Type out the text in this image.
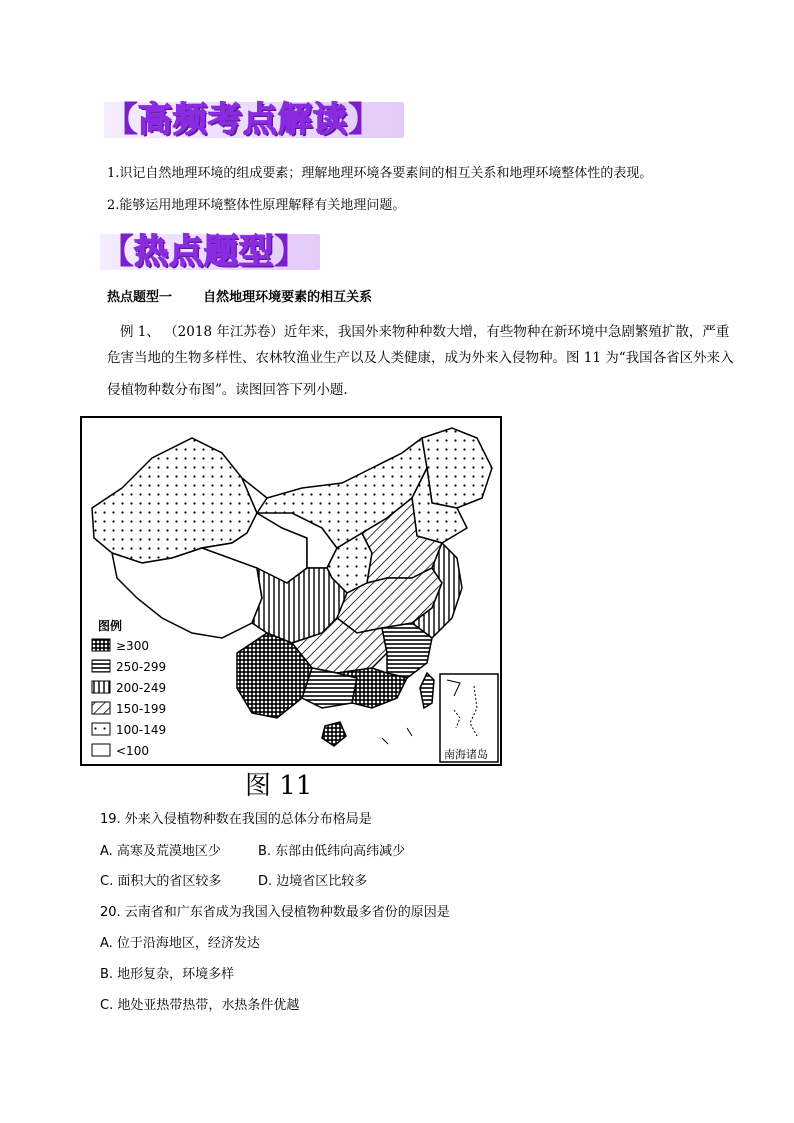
【 高频考点解读 】
1.识记自然地理环境的组成要素；理解地理环境各要素间的相互关系和地理环境整体性的表现。
2.能够运用地理环境整体性原理解释有关地理问题。
【 热点题型 】
热点题型一 自然地理环境要素的相互关系
例 1、 （2018 年江苏卷）近年来，我国外来物种种数大增，有些物种在新环境中急剧繁殖扩散，严重
危害当地的生物多样性、农林牧渔业生产以及人类健康，成为外来入侵物种。图 11 为“我国各省区外来入
侵植物种数分布图”。读图回答下列小题.
南海诸岛
图例
≥300
250-299
200-249
150-199
100-149
<100
图 11
19. 外来入侵植物种数在我国的总体分布格局是
A. 高寒及荒漠地区少	B. 东部由低纬向高纬减少
C. 面积大的省区较多	D. 边境省区比较多
20. 云南省和广东省成为我国入侵植物种数最多省份的原因是
A. 位于沿海地区，经济发达
B. 地形复杂，环境多样
C. 地处亚热带热带，水热条件优越
